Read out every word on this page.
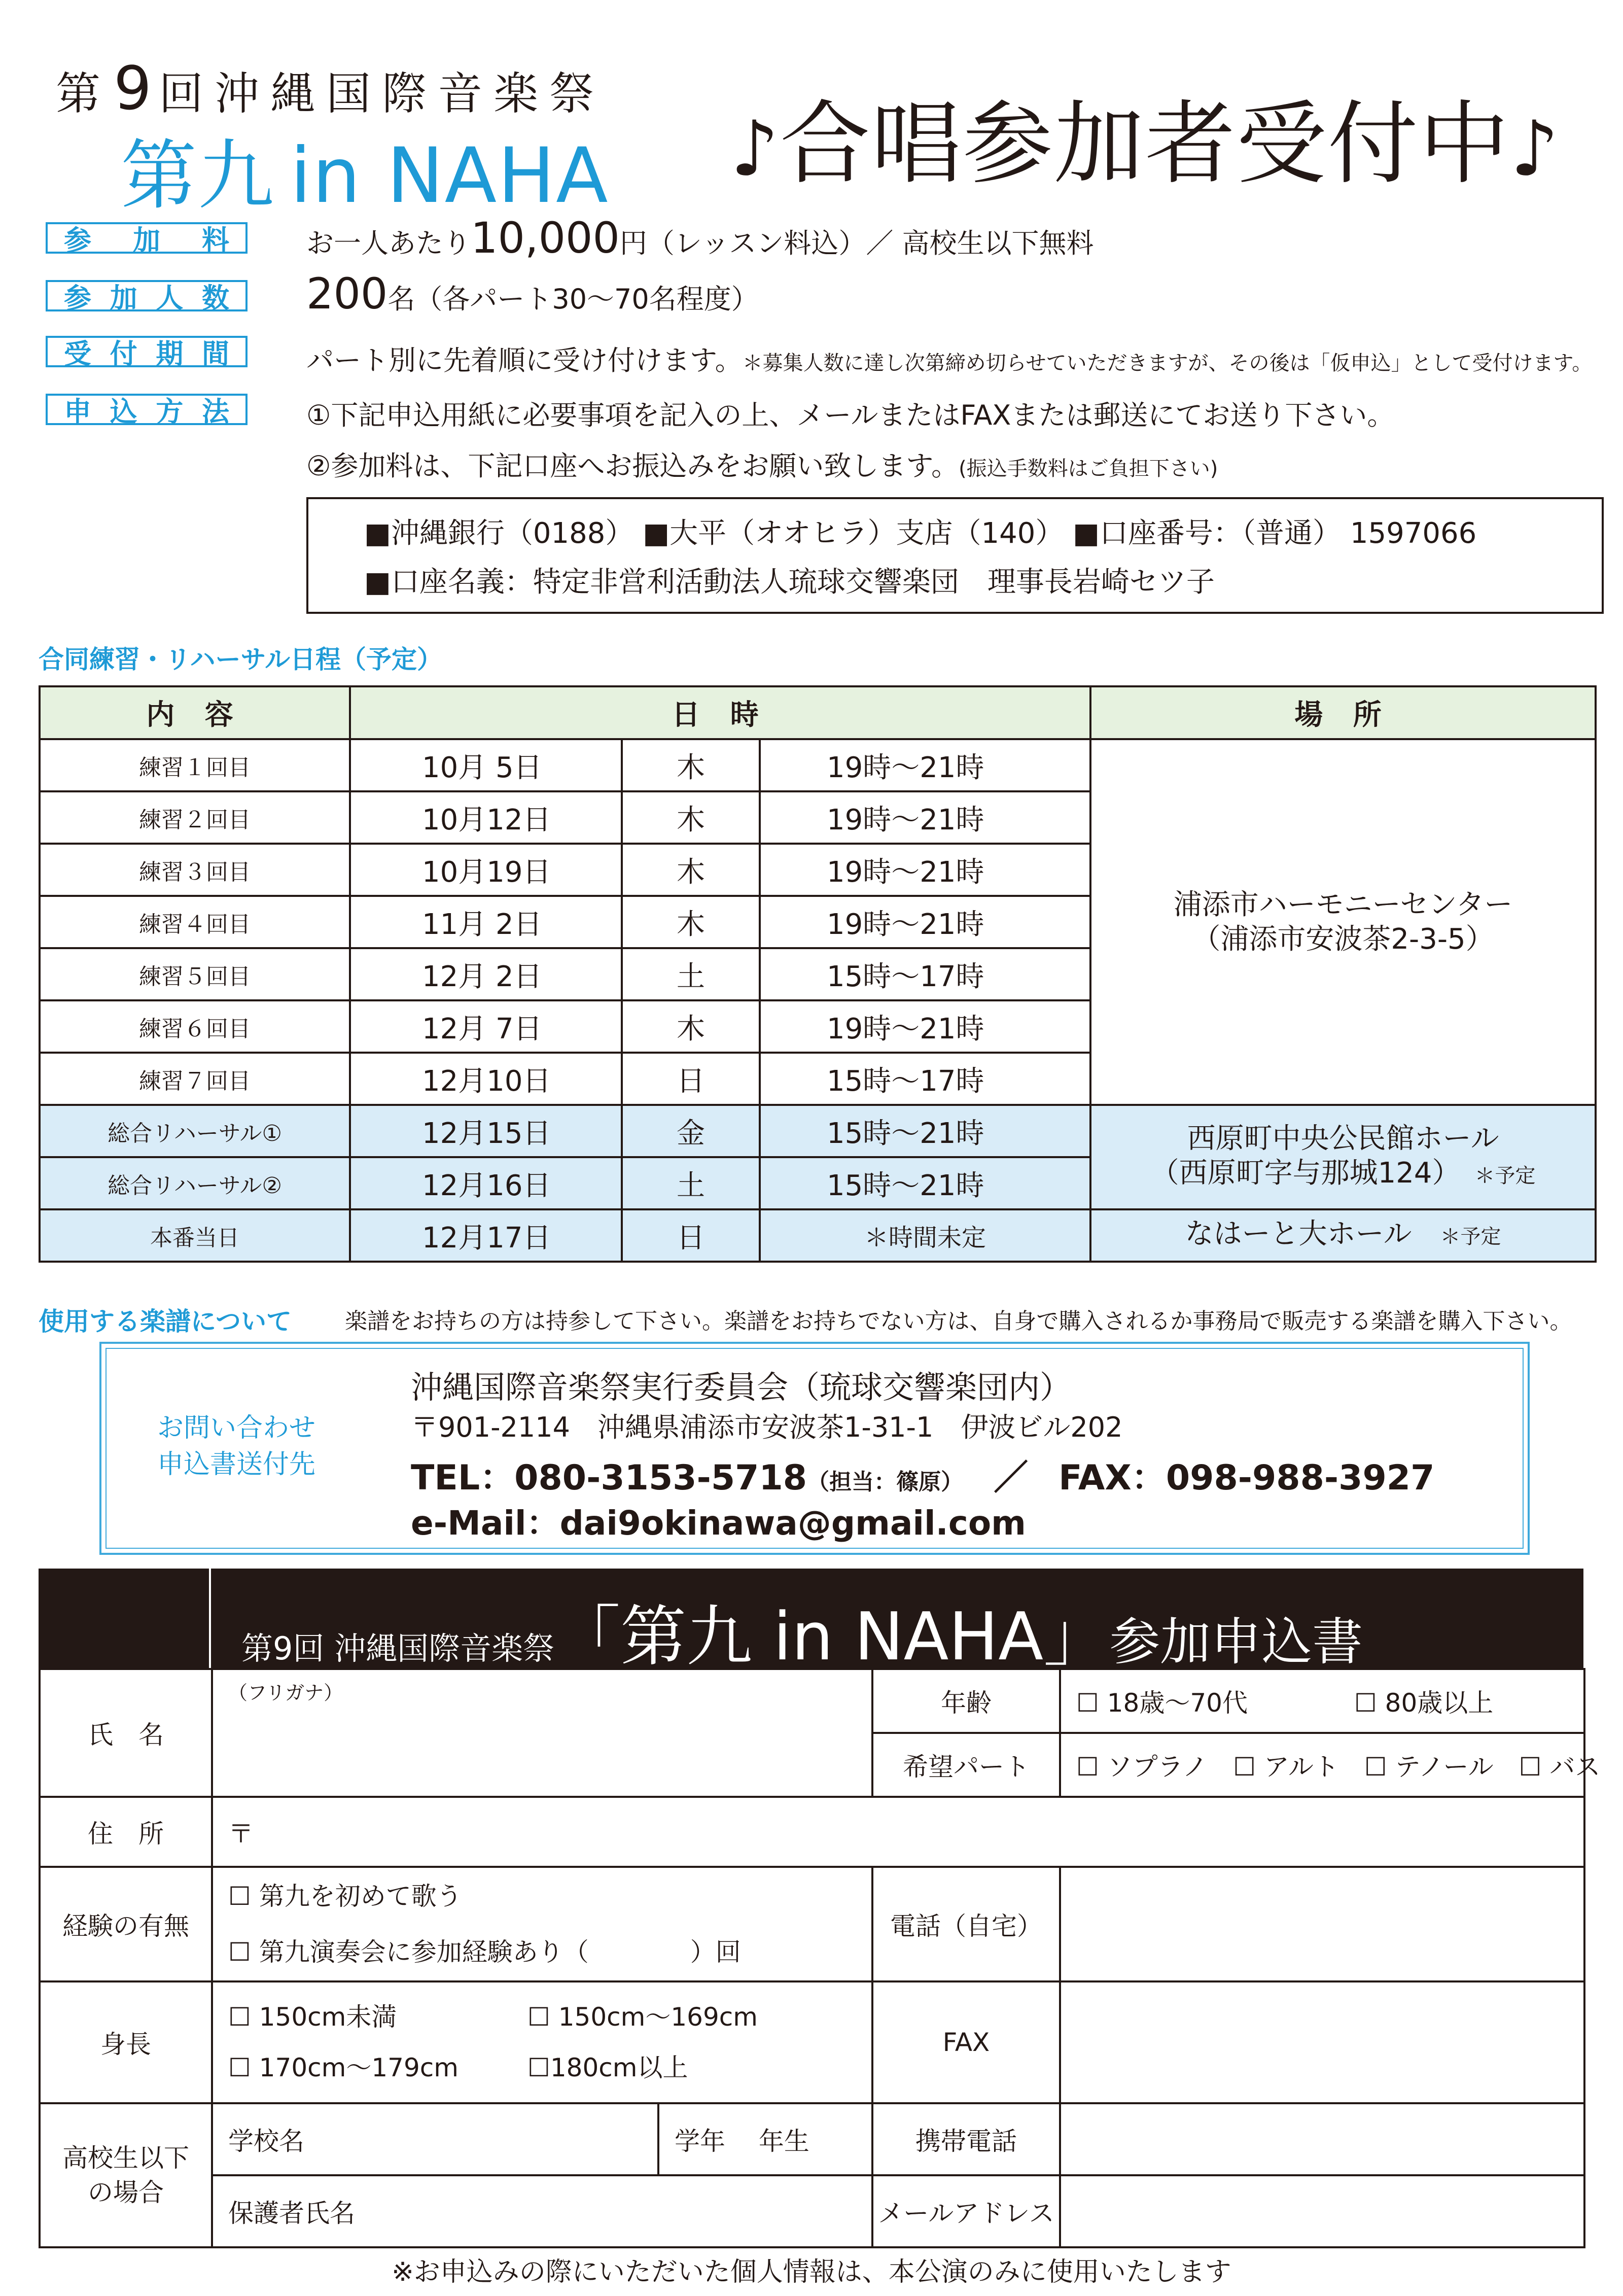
第9 回沖縄国際音楽祭
第九 in NAHA ♪合唱参加者受付中♪
参 加 料
参 加 人 数
受 付 期 間
申 込 方 法
お一人あたり10,000円（レッスン料込）／ 高校生以下無料
200名（各パート30〜70名程度）
パート別に先着順に受け付けます。＊募集人数に達し次第締め切らせていただきますが、その後は「仮申込」として受付けます。
①下記申込用紙に必要事項を記入の上、メールまたはFAXまたは郵送にてお送り下さい。
②参加料は、下記口座へお振込みをお願い致します。(振込手数料はご負担下さい)
■沖縄銀行（0188） ■大平（オオヒラ）支店（140） ■口座番号：（普通） 1597066
■口座名義：特定非営利活動法人琉球交響楽団　理事長岩崎セツ子
合同練習・リハーサル日程（予定）
内 容	日 時			場 所
練習１回目	10月 5日	木	19時〜21時	浦添市ハーモニーセンター
（浦添市安波茶2-3-5）

練習２回目	10月12日	木	19時〜21時	
練習３回目	10月19日	木	19時〜21時	
練習４回目	11月 2日	木	19時〜21時	
練習５回目	12月 2日	土	15時〜17時	
練習６回目	12月 7日	木	19時〜21時	
練習７回目	12月10日	日	15時〜17時	
総合リハーサル①	12月15日	金	15時〜21時	西原町中央公民館ホール
（西原町字与那城124）　 ＊予定

総合リハーサル②	12月16日	土	15時〜21時	
本番当日	12月17日	日	＊時間未定	なはーと大ホール　 ＊予定
使用する楽譜について 楽譜をお持ちの方は持参して下さい。楽譜をお持ちでない方は、自身で購入されるか事務局で販売する楽譜を購入下さい。
お問い合わせ
申込書送付先
沖縄国際音楽祭実行委員会（琉球交響楽団内）
〒901-2114　沖縄県浦添市安波茶1-31-1　伊波ビル202
TEL：080-3153-5718（担当：篠原） ／ FAX：098-988-3927
e-Mail：dai9okinawa@gmail.com
第9回 沖縄国際音楽祭「第九 in NAHA」参加申込書
氏　名	（フリガナ）		年齢	☐ 18歳〜70代 ☐ 80歳以上
			希望パート	☐ ソプラノ　☐ アルト　☐ テノール　☐ バス
住　所	〒			
経験の有無	☐ 第九を初めて歌う
☐ 第九演奏会に参加経験あり（　　　　）回		電話（自宅）	
身長	☐ 150cm未満 ☐ 150cm〜169cm
☐ 170cm〜179cm ☐180cm以上		FAX	

高校生以下
の場合	学校名	学年　 年生	携帯電話	
	保護者氏名		メールアドレス	
※お申込みの際にいただいた個人情報は、本公演のみに使用いたします
